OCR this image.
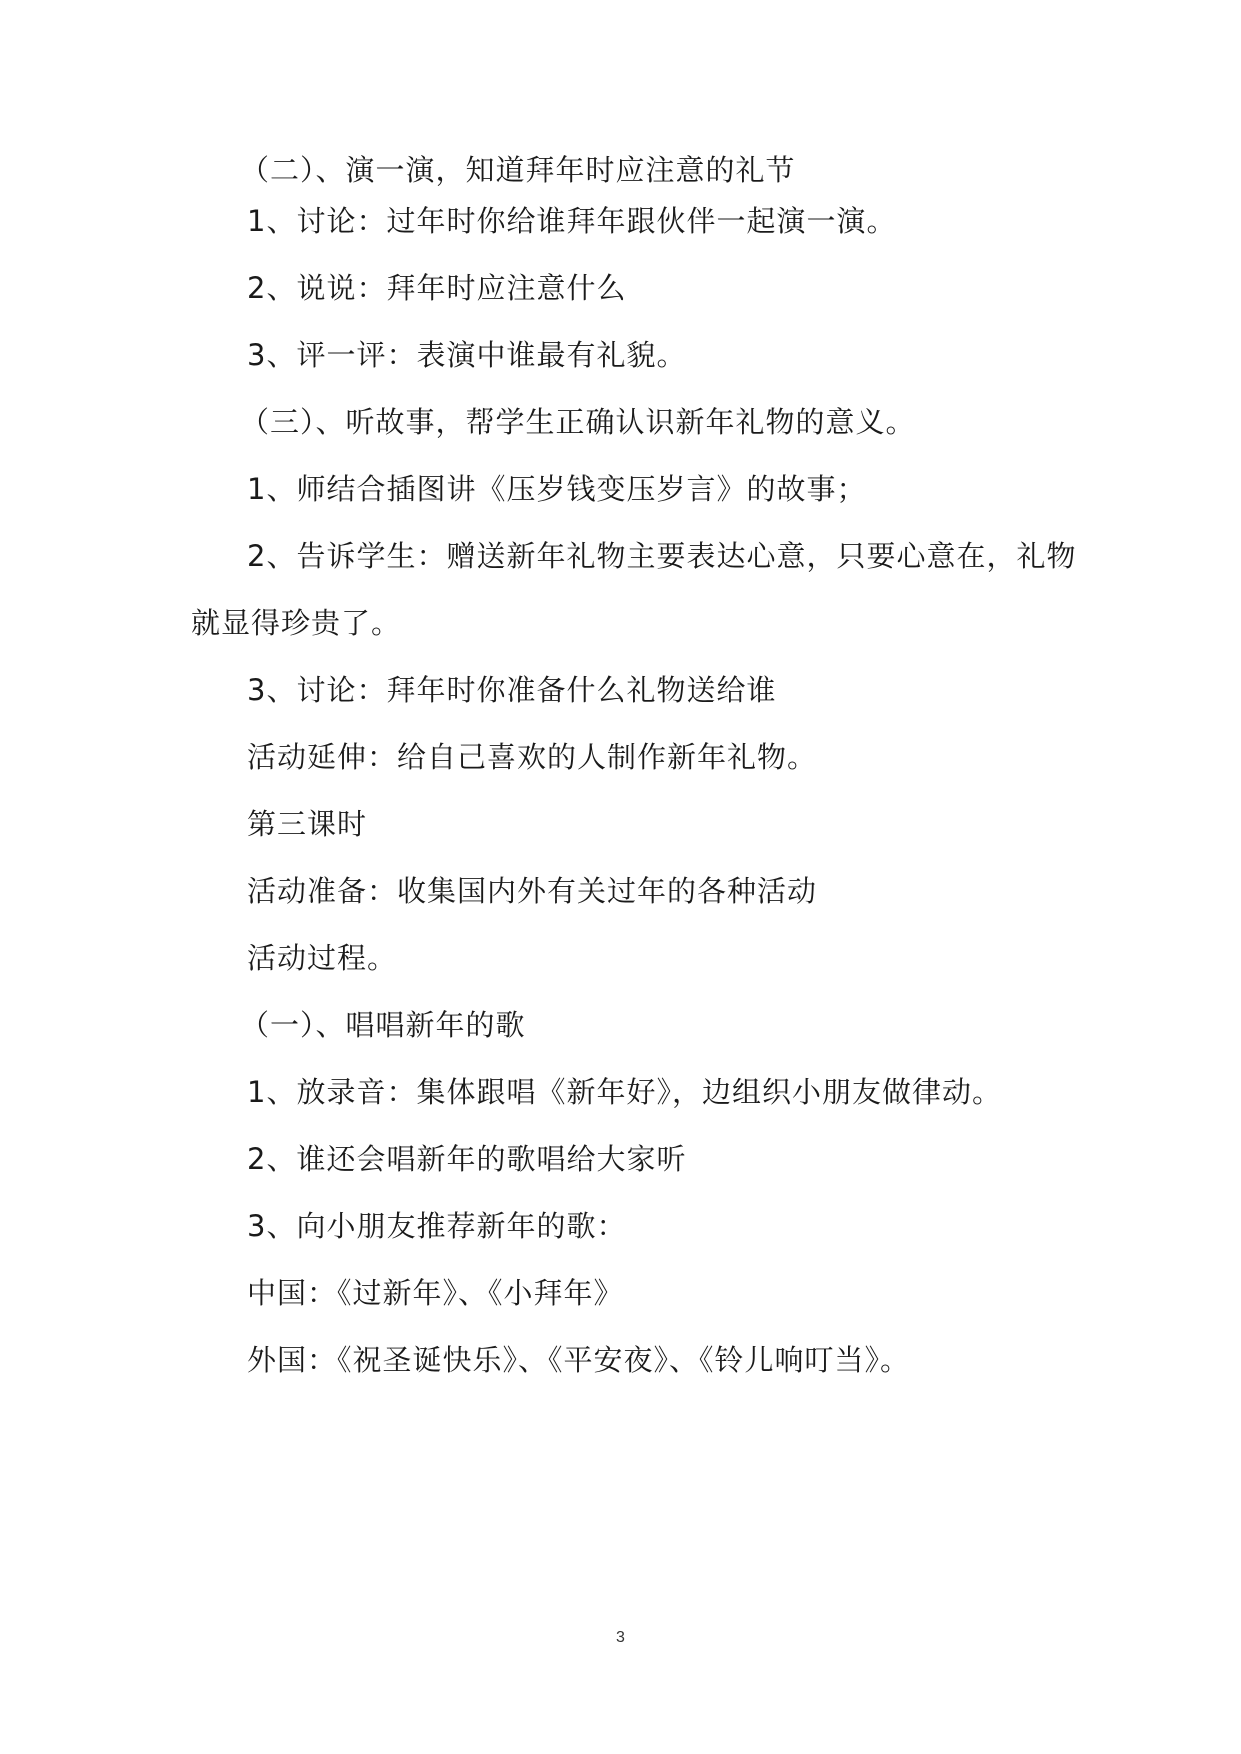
（二）、演一演，知道拜年时应注意的礼节
1、讨论：过年时你给谁拜年跟伙伴一起演一演。
2、说说：拜年时应注意什么
3、评一评：表演中谁最有礼貌。
（三）、听故事，帮学生正确认识新年礼物的意义。
1、师结合插图讲《压岁钱变压岁言》的故事；
2、告诉学生：赠送新年礼物主要表达心意，只要心意在，礼物
就显得珍贵了。
3、讨论：拜年时你准备什么礼物送给谁
活动延伸：给自己喜欢的人制作新年礼物。
第三课时
活动准备：收集国内外有关过年的各种活动
活动过程。
（一）、唱唱新年的歌
1、放录音：集体跟唱《新年好》，边组织小朋友做律动。
2、谁还会唱新年的歌唱给大家听
3、向小朋友推荐新年的歌：
中国：《过新年》、《小拜年》
外国：《祝圣诞快乐》、《平安夜》、《铃儿响叮当》。
3
